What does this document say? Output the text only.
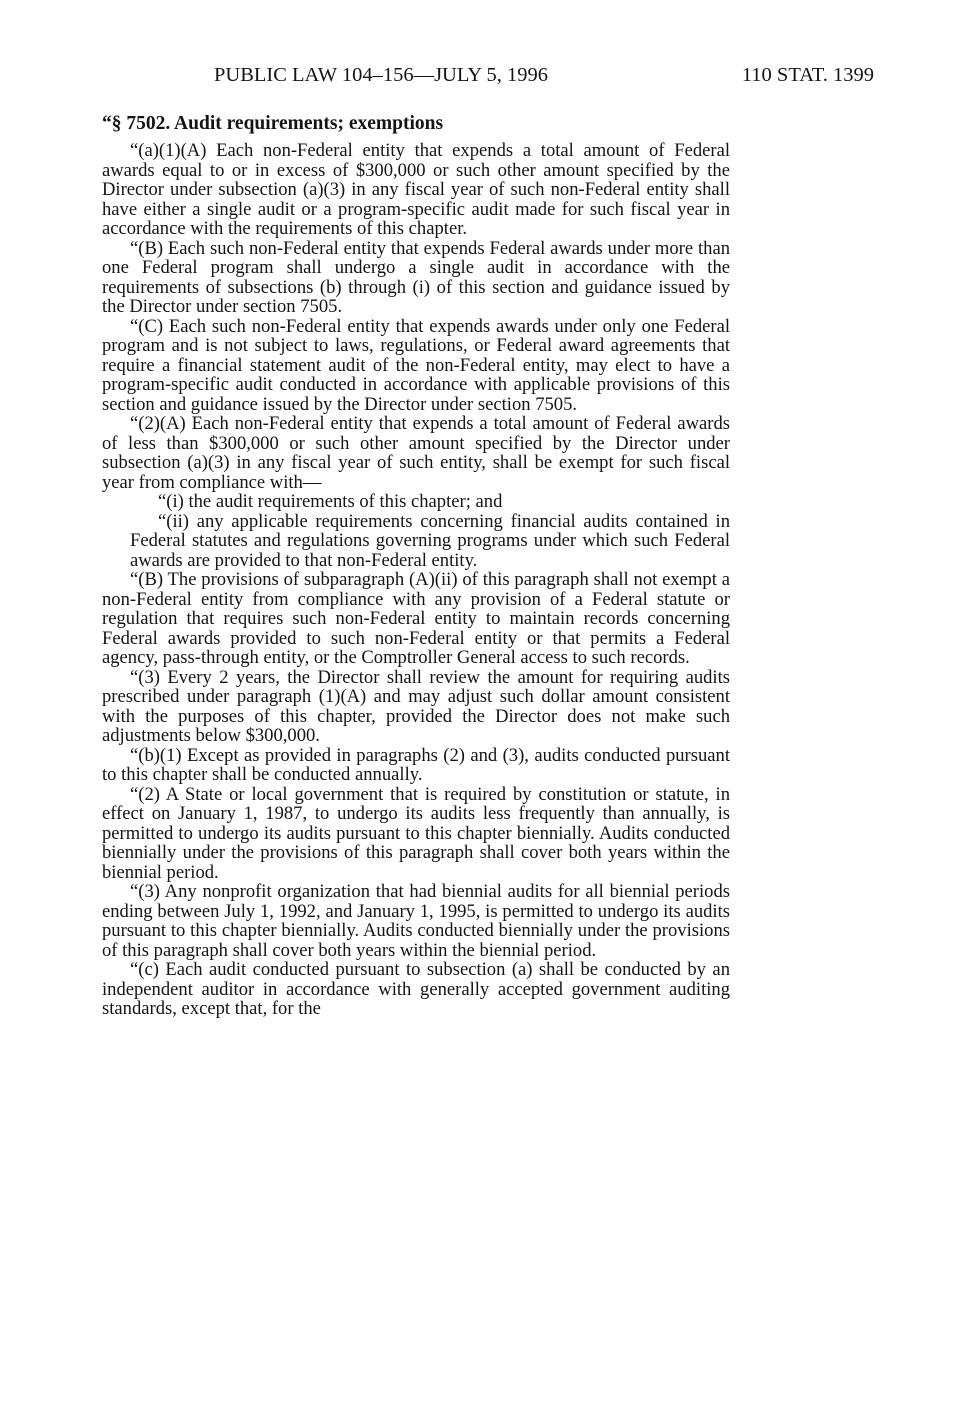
PUBLIC LAW 104–156—JULY 5, 1996	110 STAT. 1399
“§ 7502. Audit requirements; exemptions

“(a)(1)(A) Each non-Federal entity that expends a total amount of Federal awards equal to or in excess of $300,000 or such other amount specified by the Director under subsection (a)(3) in any fiscal year of such non-Federal entity shall have either a single audit or a program-specific audit made for such fiscal year in accordance with the requirements of this chapter.

“(B) Each such non-Federal entity that expends Federal awards under more than one Federal program shall undergo a single audit in accordance with the requirements of subsections (b) through (i) of this section and guidance issued by the Director under section 7505.

“(C) Each such non-Federal entity that expends awards under only one Federal program and is not subject to laws, regulations, or Federal award agreements that require a financial statement audit of the non-Federal entity, may elect to have a program-specific audit conducted in accordance with applicable provisions of this section and guidance issued by the Director under section 7505.

“(2)(A) Each non-Federal entity that expends a total amount of Federal awards of less than $300,000 or such other amount specified by the Director under subsection (a)(3) in any fiscal year of such entity, shall be exempt for such fiscal year from compliance with—

“(i) the audit requirements of this chapter; and

“(ii) any applicable requirements concerning financial audits contained in Federal statutes and regulations governing programs under which such Federal awards are provided to that non-Federal entity.

“(B) The provisions of subparagraph (A)(ii) of this paragraph shall not exempt a non-Federal entity from compliance with any provision of a Federal statute or regulation that requires such non-Federal entity to maintain records concerning Federal awards provided to such non-Federal entity or that permits a Federal agency, pass-through entity, or the Comptroller General access to such records.

“(3) Every 2 years, the Director shall review the amount for requiring audits prescribed under paragraph (1)(A) and may adjust such dollar amount consistent with the purposes of this chapter, provided the Director does not make such adjustments below $300,000.

“(b)(1) Except as provided in paragraphs (2) and (3), audits conducted pursuant to this chapter shall be conducted annually.

“(2) A State or local government that is required by constitution or statute, in effect on January 1, 1987, to undergo its audits less frequently than annually, is permitted to undergo its audits pursuant to this chapter biennially. Audits conducted biennially under the provisions of this paragraph shall cover both years within the biennial period.

“(3) Any nonprofit organization that had biennial audits for all biennial periods ending between July 1, 1992, and January 1, 1995, is permitted to undergo its audits pursuant to this chapter biennially. Audits conducted biennially under the provisions of this paragraph shall cover both years within the biennial period.

“(c) Each audit conducted pursuant to subsection (a) shall be conducted by an independent auditor in accordance with generally accepted government auditing standards, except that, for the
